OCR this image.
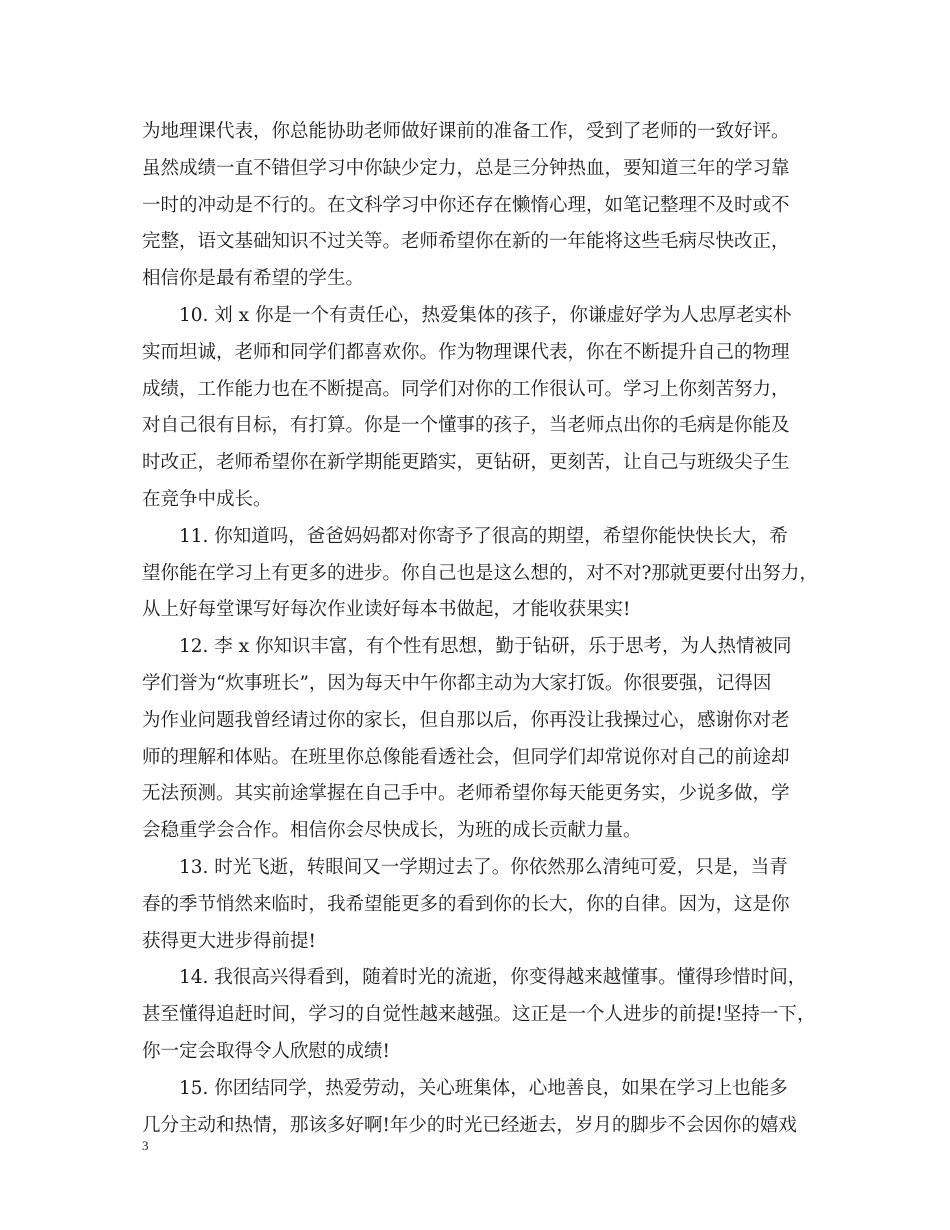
为地理课代表，你总能协助老师做好课前的准备工作，受到了老师的一致好评。
虽然成绩一直不错但学习中你缺少定力，总是三分钟热血，要知道三年的学习靠
一时的冲动是不行的。在文科学习中你还存在懒惰心理，如笔记整理不及时或不
完整，语文基础知识不过关等。老师希望你在新的一年能将这些毛病尽快改正，
相信你是最有希望的学生。

10. 刘 x 你是一个有责任心，热爱集体的孩子，你谦虚好学为人忠厚老实朴
实而坦诚，老师和同学们都喜欢你。作为物理课代表，你在不断提升自己的物理
成绩，工作能力也在不断提高。同学们对你的工作很认可。学习上你刻苦努力，
对自己很有目标，有打算。你是一个懂事的孩子，当老师点出你的毛病是你能及
时改正，老师希望你在新学期能更踏实，更钻研，更刻苦，让自己与班级尖子生
在竞争中成长。

11. 你知道吗，爸爸妈妈都对你寄予了很高的期望，希望你能快快长大，希
望你能在学习上有更多的进步。你自己也是这么想的，对不对?那就更要付出努力，
从上好每堂课写好每次作业读好每本书做起，才能收获果实!

12. 李 x 你知识丰富，有个性有思想，勤于钻研，乐于思考，为人热情被同
学们誉为“炊事班长”，因为每天中午你都主动为大家打饭。你很要强，记得因
为作业问题我曾经请过你的家长，但自那以后，你再没让我操过心，感谢你对老
师的理解和体贴。在班里你总像能看透社会，但同学们却常说你对自己的前途却
无法预测。其实前途掌握在自己手中。老师希望你每天能更务实，少说多做，学
会稳重学会合作。相信你会尽快成长，为班的成长贡献力量。

13. 时光飞逝，转眼间又一学期过去了。你依然那么清纯可爱，只是，当青
春的季节悄然来临时，我希望能更多的看到你的长大，你的自律。因为，这是你
获得更大进步得前提!

14. 我很高兴得看到，随着时光的流逝，你变得越来越懂事。懂得珍惜时间，
甚至懂得追赶时间，学习的自觉性越来越强。这正是一个人进步的前提!坚持一下，
你一定会取得令人欣慰的成绩!

15. 你团结同学，热爱劳动，关心班集体，心地善良，如果在学习上也能多
几分主动和热情，那该多好啊!年少的时光已经逝去，岁月的脚步不会因你的嬉戏

3
